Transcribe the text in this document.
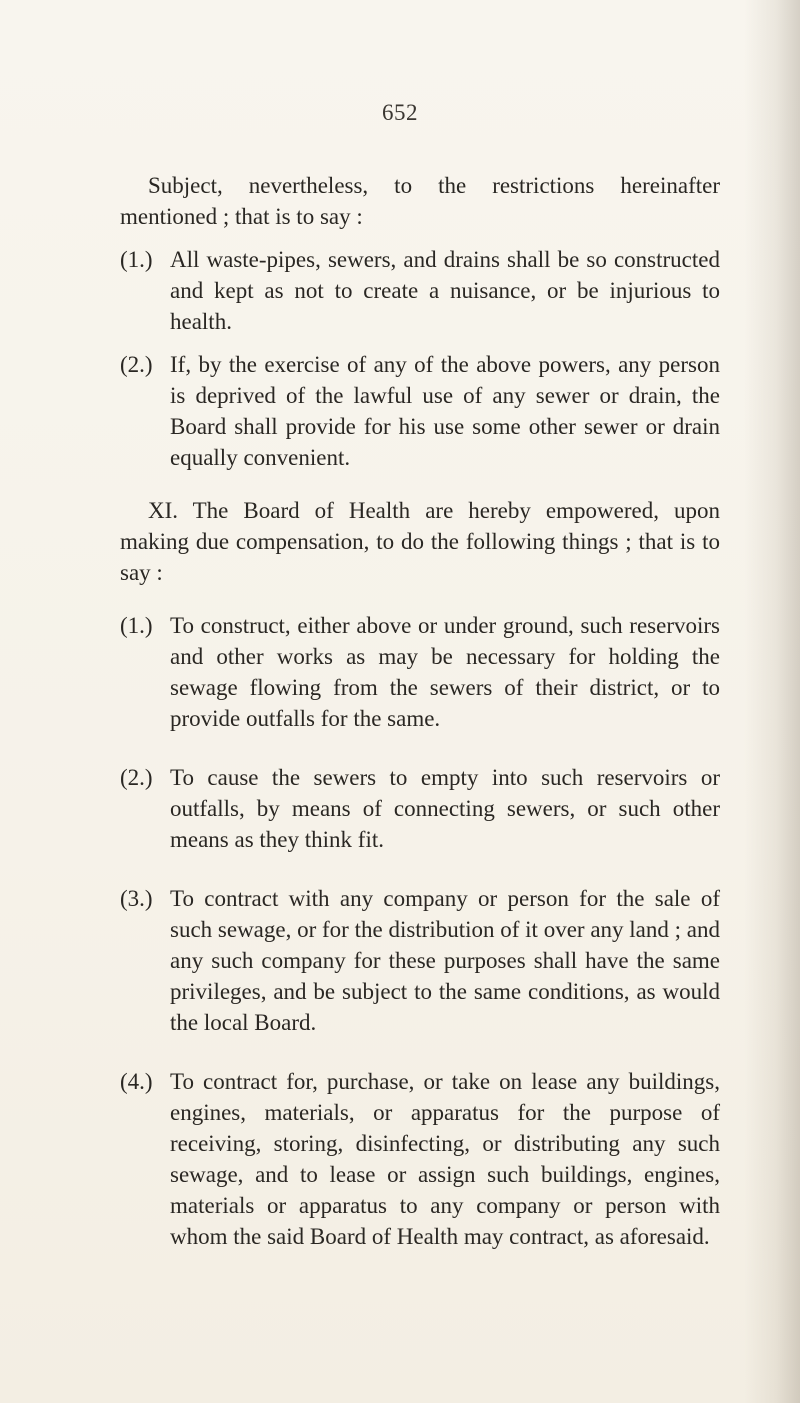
652

Subject, nevertheless, to the restrictions hereinafter mentioned ; that is to say :

(1.) All waste-pipes, sewers, and drains shall be so constructed and kept as not to create a nuisance, or be injurious to health.
(2.) If, by the exercise of any of the above powers, any person is deprived of the lawful use of any sewer or drain, the Board shall provide for his use some other sewer or drain equally convenient.

XI. The Board of Health are hereby empowered, upon making due compensation, to do the following things ; that is to say :

(1.) To construct, either above or under ground, such reservoirs and other works as may be necessary for holding the sewage flowing from the sewers of their district, or to provide outfalls for the same.
(2.) To cause the sewers to empty into such reservoirs or outfalls, by means of connecting sewers, or such other means as they think fit.
(3.) To contract with any company or person for the sale of such sewage, or for the distribution of it over any land ; and any such company for these purposes shall have the same privileges, and be subject to the same conditions, as would the local Board.
(4.) To contract for, purchase, or take on lease any buildings, engines, materials, or apparatus for the purpose of receiving, storing, disinfecting, or distributing any such sewage, and to lease or assign such buildings, engines, materials or apparatus to any company or person with whom the said Board of Health may contract, as aforesaid.
